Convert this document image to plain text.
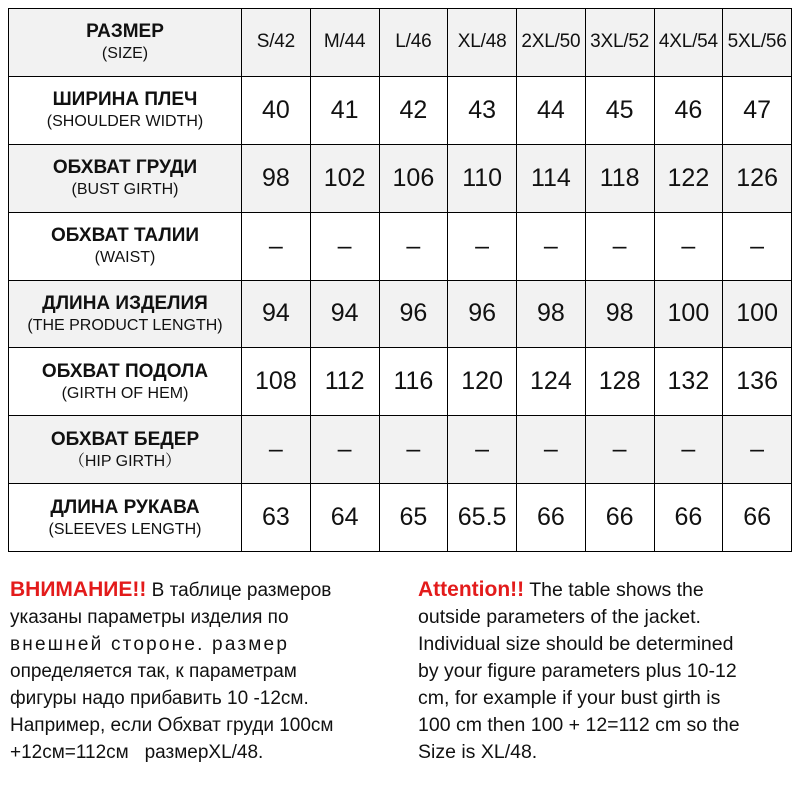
РАЗМЕР
(SIZE)	S/42	M/44	L/46	XL/48	2XL/50	3XL/52	4XL/54	5XL/56

ШИРИНА ПЛЕЧ
(SHOULDER WIDTH)	40	41	42	43	44	45	46	47

ОБХВАТ ГРУДИ
(BUST GIRTH)	98	102	106	110	114	118	122	126

ОБХВАТ ТАЛИИ
(WAIST)	–	–	–	–	–	–	–	–

ДЛИНА ИЗДЕЛИЯ
(THE PRODUCT LENGTH)	94	94	96	96	98	98	100	100

ОБХВАТ ПОДОЛА
(GIRTH OF HEM)	108	112	116	120	124	128	132	136

ОБХВАТ БЕДЕР
（HIP GIRTH）	–	–	–	–	–	–	–	–

ДЛИНА РУКАВА
(SLEEVES LENGTH)	63	64	65	65.5	66	66	66	66
ВНИМАНИЕ!! В таблице размеров
указаны параметры изделия по
внешней стороне. размер
определяется так, к параметрам
фигуры надо прибавить 10 -12см.
Например, если Обхват груди 100см
+12см=112см   размерXL/48.
Attention!! The table shows the
outside parameters of the jacket.
Individual size should be determined
by your figure parameters plus 10-12
cm, for example if your bust girth is
100 cm then 100 + 12=112 cm so the
Size is XL/48.
